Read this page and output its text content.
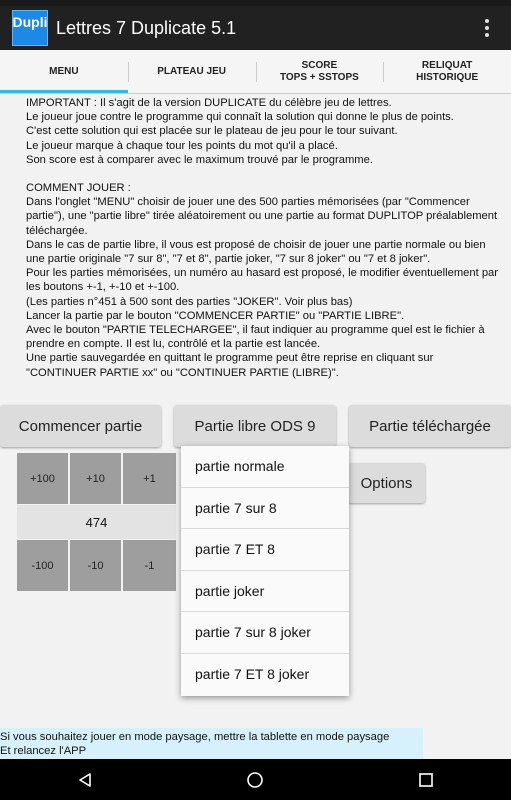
Dupli Lettres 7 Duplicate 5.1
MENU	PLATEAU JEU
SCORE
TOPS + SSTOPS
RELIQUAT
HISTORIQUE

IMPORTANT : Il s'agit de la version DUPLICATE du célèbre jeu de lettres.

Le joueur joue contre le programme qui connaît la solution qui donne le plus de points.

C'est cette solution qui est placée sur le plateau de jeu pour le tour suivant.

Le joueur marque à chaque tour les points du mot qu'il a placé.

Son score est à comparer avec le maximum trouvé par le programme.

COMMENT JOUER :

Dans l'onglet "MENU" choisir de jouer une des 500 parties mémorisées (par "Commencer partie"), une "partie libre" tirée aléatoirement ou une partie au format DUPLITOP préalablement téléchargée.

Dans le cas de partie libre, il vous est proposé de choisir de jouer une partie normale ou bien une partie originale "7 sur 8", "7 et 8", partie joker, "7 sur 8 joker" ou "7 et 8 joker".

Pour les parties mémorisées, un numéro au hasard est proposé, le modifier éventuellement par les boutons +-1, +-10 et +-100.

(Les parties n°451 à 500 sont des parties "JOKER". Voir plus bas)

Lancer la partie par le bouton "COMMENCER PARTIE" ou "PARTIE LIBRE".

Avec le bouton "PARTIE TELECHARGEE", il faut indiquer au programme quel est le fichier à prendre en compte. Il est lu, contrôlé et la partie est lancée.

Une partie sauvegardée en quittant le programme peut être reprise en cliquant sur "CONTINUER PARTIE xx" ou "CONTINUER PARTIE (LIBRE)".

Commencer partie	Partie libre ODS 9	Partie téléchargée
+100	+10	+1
474
-100	-10	-1
Options
partie normale
partie 7 sur 8
partie 7 ET 8
partie joker
partie 7 sur 8 joker
partie 7 ET 8 joker
Si vous souhaitez jouer en mode paysage, mettre la tablette en mode paysage
Et relancez l'APP
